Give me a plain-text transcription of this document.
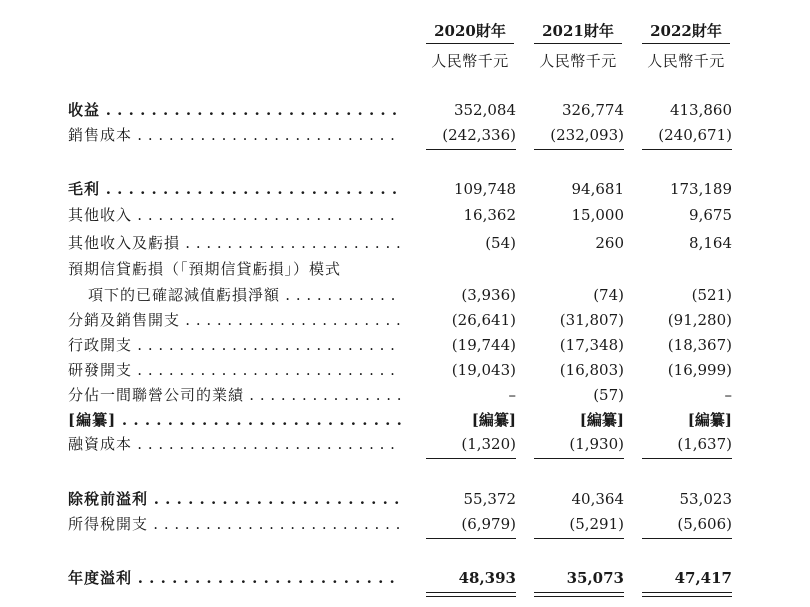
2020財年	2021財年	2022財年
人民幣千元	人民幣千元	人民幣千元
收益 . . .	352,084	326,774	413,860
銷售成本 . . .	(242,336)	(232,093)	(240,671)
毛利 . . .	109,748	94,681	173,189
其他收入 . . .	16,362	15,000	9,675
其他收入及虧損 . . .	(54)	260	8,164
預期信貸虧損（「預期信貸虧損」）模式
項下的已確認減值虧損淨額 . . .	(3,936)	(74)	(521)
分銷及銷售開支 . . .	(26,641)	(31,807)	(91,280)
行政開支 . . .	(19,744)	(17,348)	(18,367)
研發開支 . . .	(19,043)	(16,803)	(16,999)
分佔一間聯營公司的業績 . . .	–	(57)	–
[編纂] . . .	[編纂]	[編纂]	[編纂]
融資成本 . . .	(1,320)	(1,930)	(1,637)
除稅前溢利 . . .	55,372	40,364	53,023
所得稅開支 . . .	(6,979)	(5,291)	(5,606)
年度溢利 . . .	48,393	35,073	47,417
